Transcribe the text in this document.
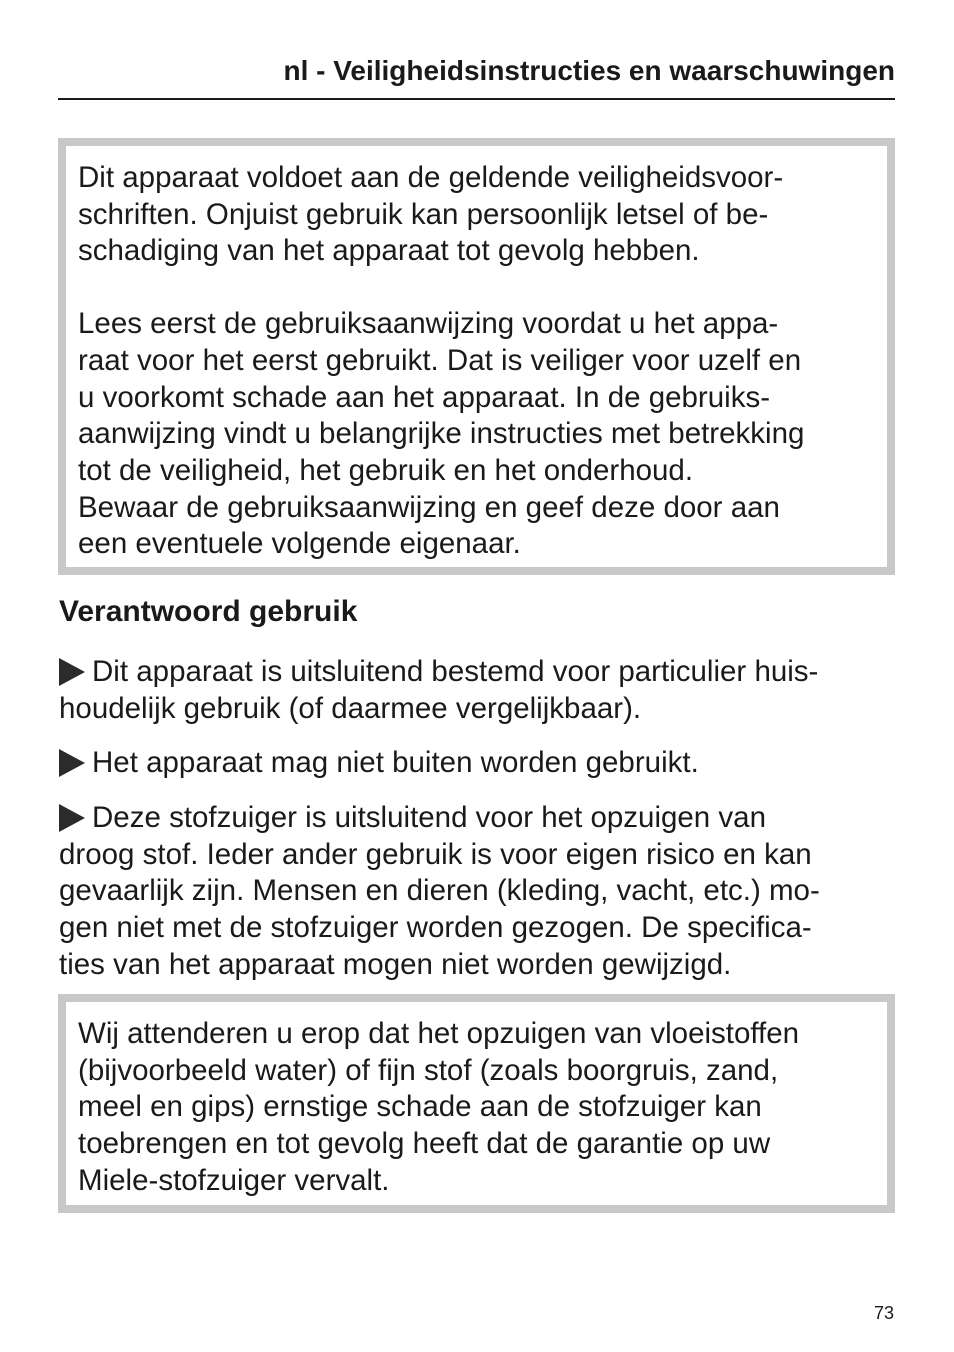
nl - Veiligheidsinstructies en waarschuwingen

Dit apparaat voldoet aan de geldende veiligheidsvoor-
schriften. Onjuist gebruik kan persoonlijk letsel of be-
schadiging van het apparaat tot gevolg hebben.

Lees eerst de gebruiksaanwijzing voordat u het appa-
raat voor het eerst gebruikt. Dat is veiliger voor uzelf en
u voorkomt schade aan het apparaat. In de gebruiks-
aanwijzing vindt u belangrijke instructies met betrekking
tot de veiligheid, het gebruik en het onderhoud.
Bewaar de gebruiksaanwijzing en geef deze door aan
een eventuele volgende eigenaar.

Verantwoord gebruik

Dit apparaat is uitsluitend bestemd voor particulier huis-
houdelijk gebruik (of daarmee vergelijkbaar).

Het apparaat mag niet buiten worden gebruikt.

Deze stofzuiger is uitsluitend voor het opzuigen van
droog stof. Ieder ander gebruik is voor eigen risico en kan
gevaarlijk zijn. Mensen en dieren (kleding, vacht, etc.) mo-
gen niet met de stofzuiger worden gezogen. De specifica-
ties van het apparaat mogen niet worden gewijzigd.

Wij attenderen u erop dat het opzuigen van vloeistoffen
(bijvoorbeeld water) of fijn stof (zoals boorgruis, zand,
meel en gips) ernstige schade aan de stofzuiger kan
toebrengen en tot gevolg heeft dat de garantie op uw
Miele-stofzuiger vervalt.

73
